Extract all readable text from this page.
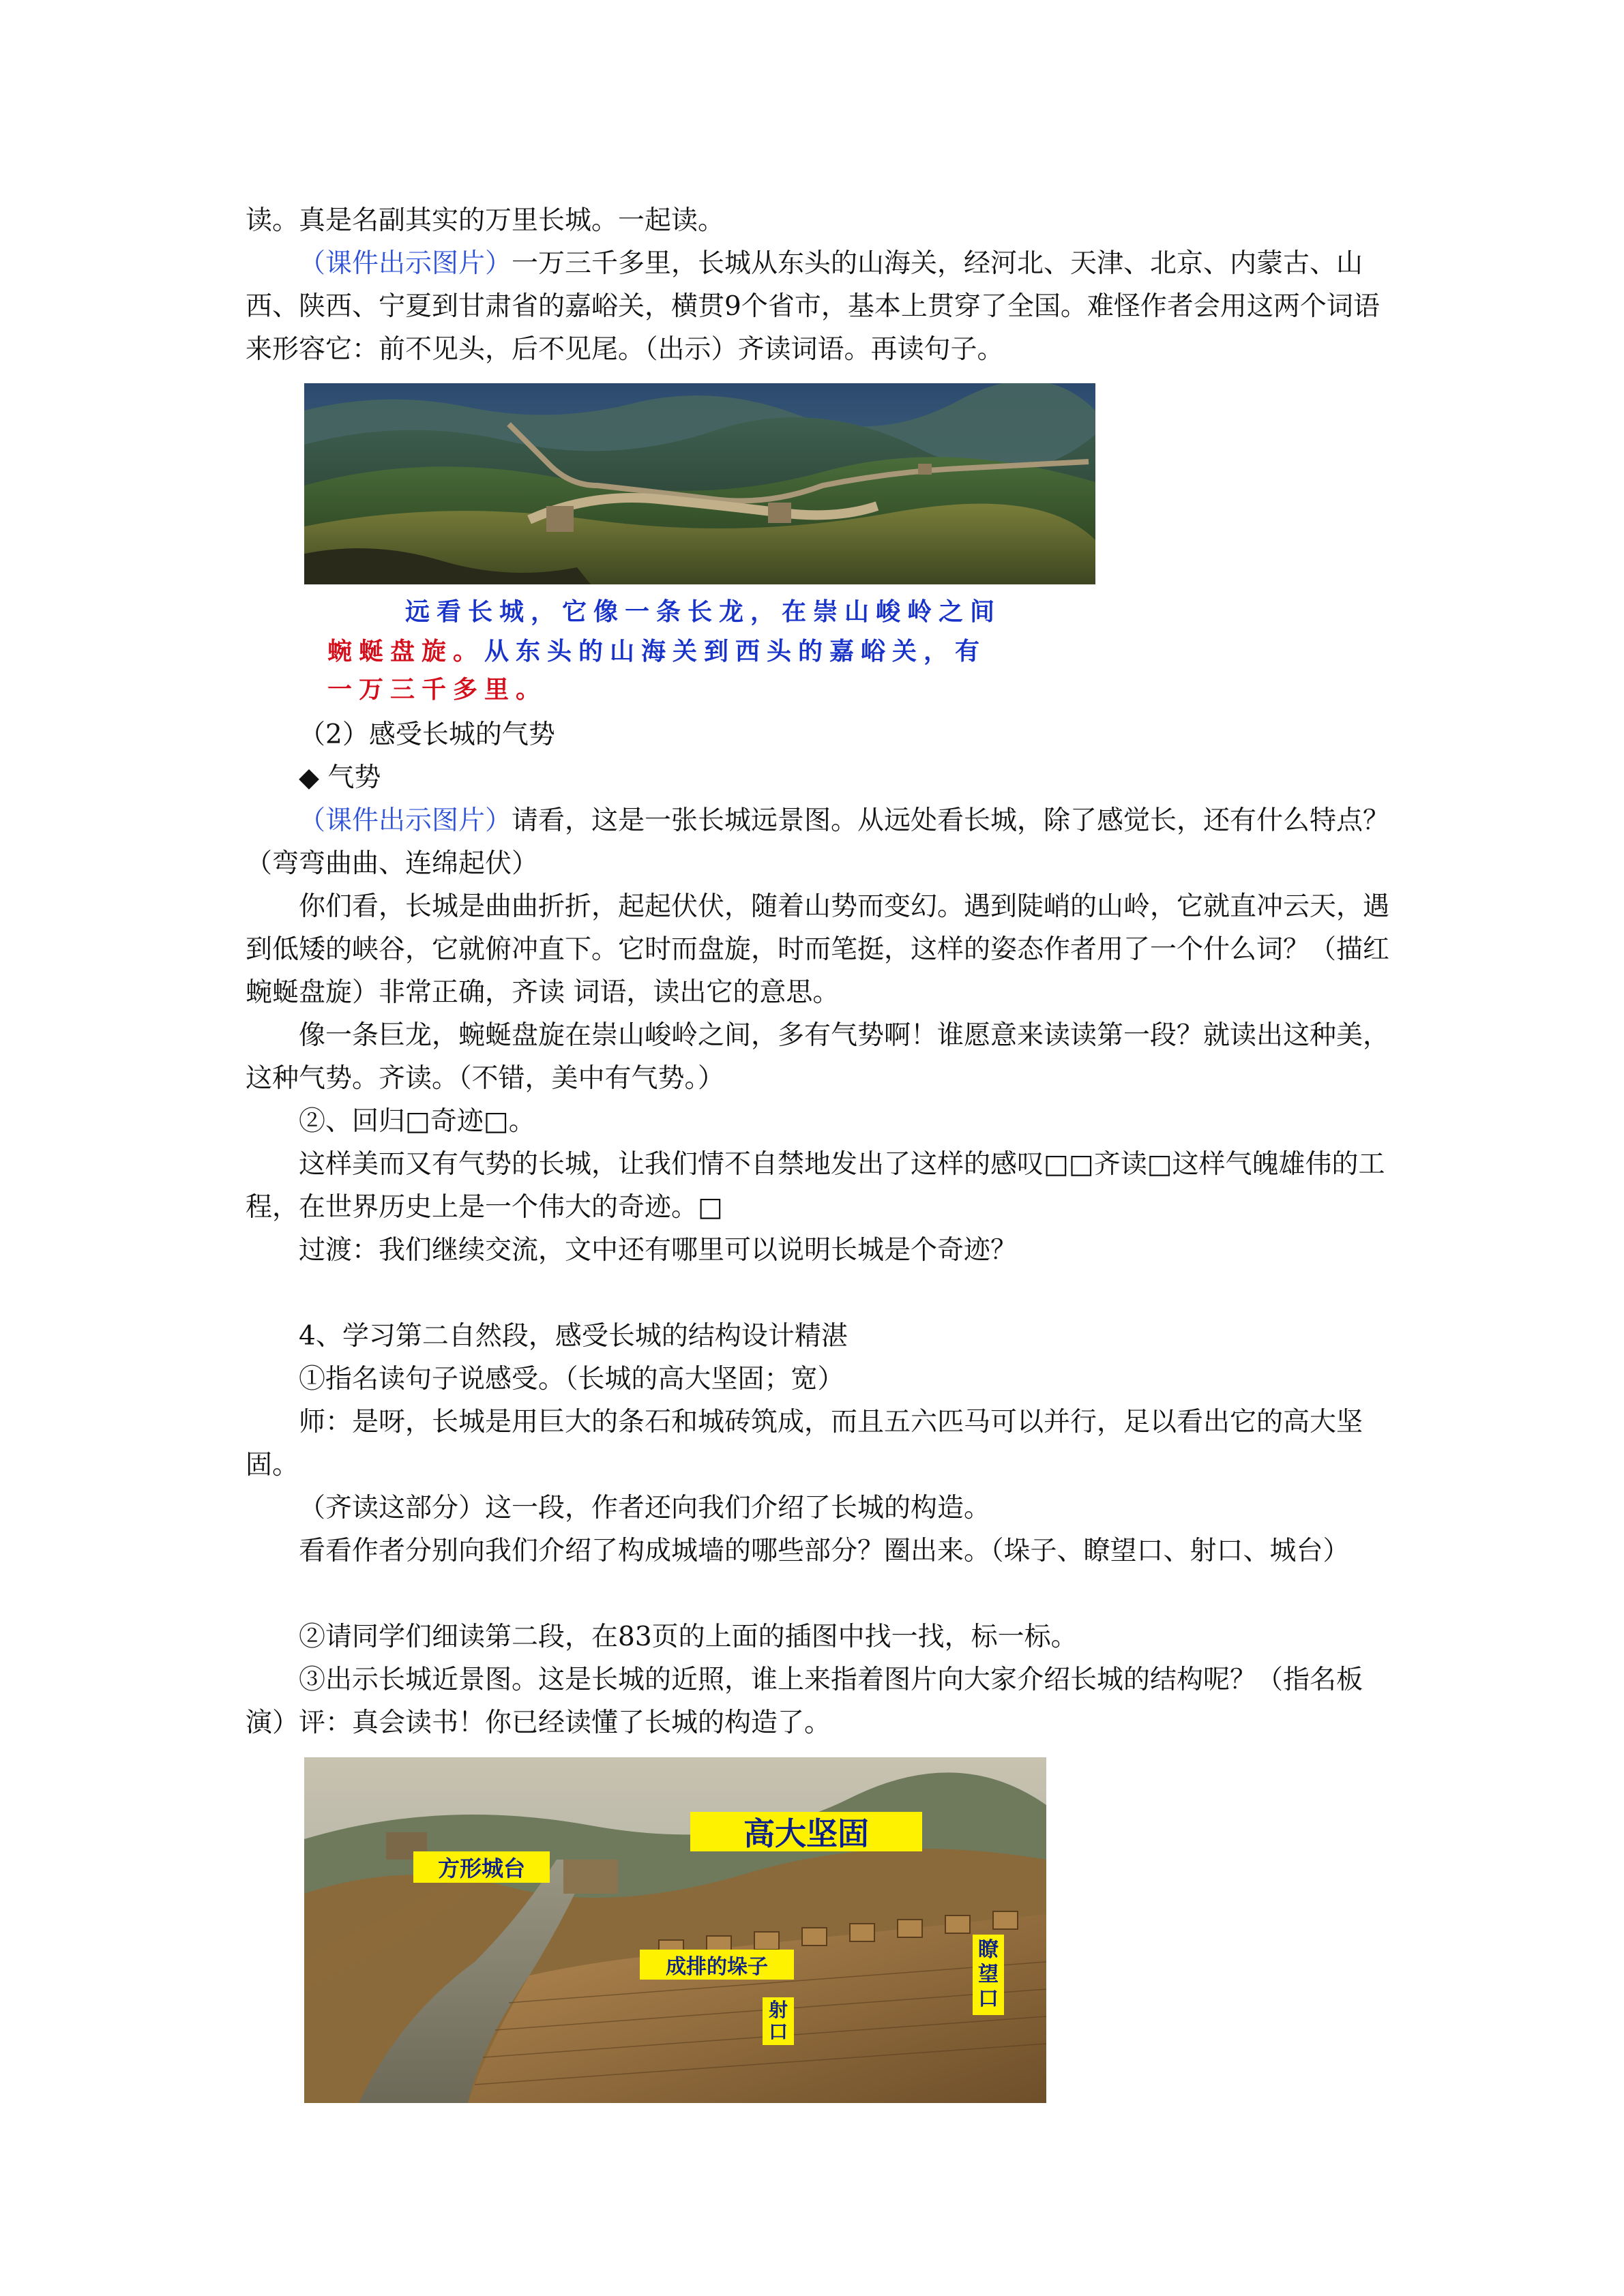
读。真是名副其实的万里长城。一起读。

（课件出示图片）一万三千多里，长城从东头的山海关，经河北、天津、北京、内蒙古、山西、陕西、宁夏到甘肃省的嘉峪关，横贯9个省市，基本上贯穿了全国。难怪作者会用这两个词语来形容它：前不见头，后不见尾。（出示）齐读词语。再读句子。

远看长城，它像一条长龙，在崇山峻岭之间
蜿蜒盘旋。从东头的山海关到西头的嘉峪关，有
一万三千多里。

（2）感受长城的气势

◆ 气势

（课件出示图片）请看，这是一张长城远景图。从远处看长城，除了感觉长，还有什么特点？（弯弯曲曲、连绵起伏）

你们看，长城是曲曲折折，起起伏伏，随着山势而变幻。遇到陡峭的山岭，它就直冲云天，遇到低矮的峡谷，它就俯冲直下。它时而盘旋，时而笔挺，这样的姿态作者用了一个什么词？（描红蜿蜒盘旋）非常正确，齐读 词语，读出它的意思。

像一条巨龙，蜿蜒盘旋在崇山峻岭之间，多有气势啊！谁愿意来读读第一段？就读出这种美，这种气势。齐读。（不错，美中有气势。）

②、回归□奇迹□。

这样美而又有气势的长城，让我们情不自禁地发出了这样的感叹□□齐读□这样气魄雄伟的工程，在世界历史上是一个伟大的奇迹。□

过渡：我们继续交流，文中还有哪里可以说明长城是个奇迹？

4、学习第二自然段，感受长城的结构设计精湛

①指名读句子说感受。（长城的高大坚固；宽）

师：是呀，长城是用巨大的条石和城砖筑成，而且五六匹马可以并行，足以看出它的高大坚固。

（齐读这部分）这一段，作者还向我们介绍了长城的构造。

看看作者分别向我们介绍了构成城墙的哪些部分？圈出来。（垛子、瞭望口、射口、城台）

②请同学们细读第二段，在83页的上面的插图中找一找，标一标。

③出示长城近景图。这是长城的近照，谁上来指着图片向大家介绍长城的结构呢？（指名板演）评：真会读书！你已经读懂了长城的构造了。

高大坚固
方形城台
成排的垛子
瞭望口
射口
